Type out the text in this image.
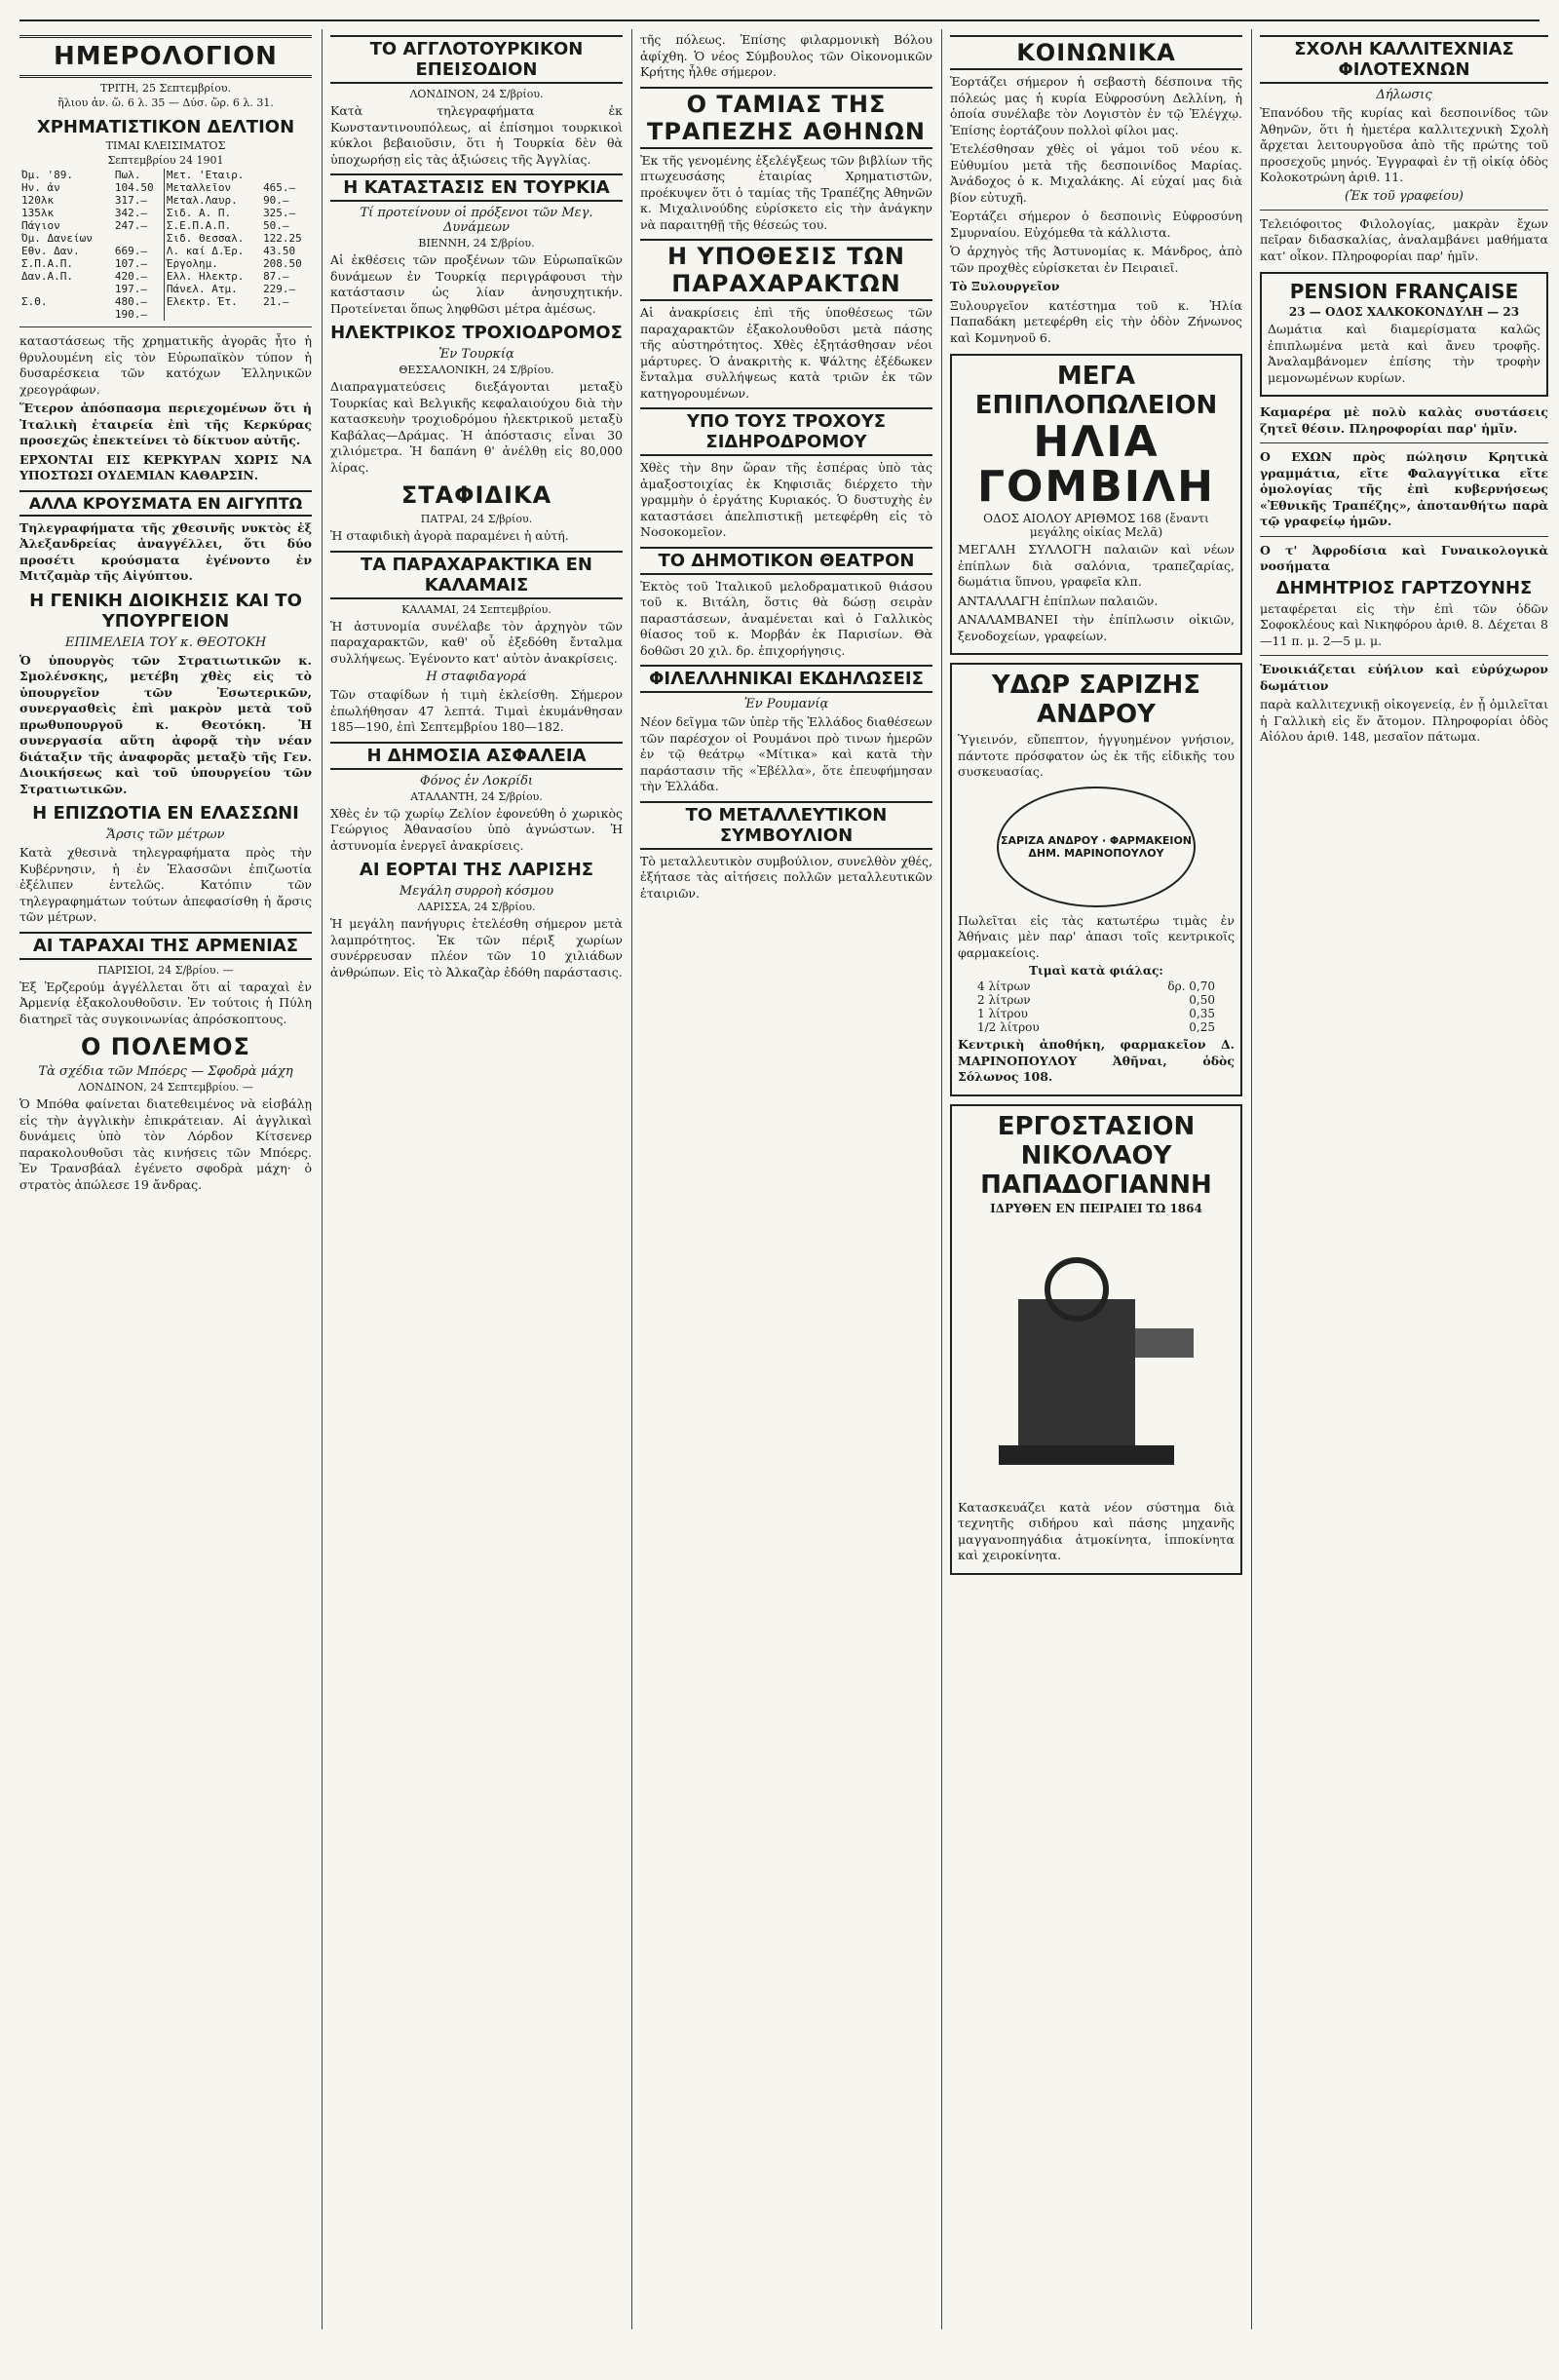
ΗΜΕΡΟΛΟΓΙΟΝ
ΤΡΙΤΗ, 25 Σεπτεμβρίου.
ἥλιου ἀν. ὥ. 6 λ. 35 — Δύσ. ὥρ. 6 λ. 31.
ΧΡΗΜΑΤΙΣΤΙΚΟΝ ΔΕΛΤΙΟΝ
ΤΙΜΑΙ ΚΛΕΙΣΙΜΑΤΟΣ
Σεπτεμβρίου 24 1901
Όμ. '89.		Πωλ.	Μετ. 'Εταιρ.	
Ην. ἀν		104.50	Μεταλλεῖον	465.—
120λκ		317.—	Μεταλ.Λαυρ.	90.—
135λκ		342.—	Σιδ. Α. Π.	325.—
Πάγιον		247.—	Σ.Ε.Π.Α.Π.	50.—
Όμ. Δανείων			Σιδ. Θεσσαλ.	122.25
Εθν. Δαν.		669.—	Λ. καί Δ.Έρ.	43.50
Σ.Π.Α.Π.		107.—	Έργολημ.	208.50
Δαν.Α.Π.		420.—	Ελλ. Ηλεκτρ.	87.—
		197.—	Πάνελ. Ατμ.	229.—
Σ.Θ.		480.—	Ελεκτρ. Έτ.	21.—
		190.—		

καταστάσεως τῆς χρηματικῆς ἀγορᾶς ἦτο ἡ θρυλουμένη εἰς τὸν Εὐρωπαϊκὸν τύπον ἡ δυσαρέσκεια τῶν κατόχων Ἑλληνικῶν χρεογράφων.

Ἕτερον ἀπόσπασμα περιεχομένων ὅτι ἡ Ἰταλικὴ ἑταιρεία ἐπὶ τῆς Κερκύρας προσεχῶς ἐπεκτείνει τὸ δίκτυον αὐτῆς.

ΕΡΧΟΝΤΑΙ ΕΙΣ ΚΕΡΚΥΡΑΝ ΧΩΡΙΣ ΝΑ ΥΠΟΣΤΩΣΙ ΟΥΔΕΜΙΑΝ ΚΑΘΑΡΣΙΝ.

ΑΛΛΑ ΚΡΟΥΣΜΑΤΑ ΕΝ ΑΙΓΥΠΤΩ

Τηλεγραφήματα τῆς χθεσινῆς νυκτὸς ἐξ Ἀλεξανδρείας ἀναγγέλλει, ὅτι δύο προσέτι κρούσματα ἐγένοντο ἐν Μιτζαμὰρ τῆς Αἰγύπτου.

Η ΓΕΝΙΚΗ ΔΙΟΙΚΗΣΙΣ ΚΑΙ ΤΟ ΥΠΟΥΡΓΕΙΟΝ
ΕΠΙΜΕΛΕΙΑ ΤΟΥ κ. ΘΕΟΤΟΚΗ

Ὁ ὑπουργὸς τῶν Στρατιωτικῶν κ. Σμολένσκης, μετέβη χθὲς εἰς τὸ ὑπουργεῖον τῶν Ἐσωτερικῶν, συνεργασθεὶς ἐπὶ μακρὸν μετὰ τοῦ πρωθυπουργοῦ κ. Θεοτόκη. Ἡ συνεργασία αὕτη ἀφορᾷ τὴν νέαν διάταξιν τῆς ἀναφορᾶς μεταξὺ τῆς Γεν. Διοικήσεως καὶ τοῦ ὑπουργείου τῶν Στρατιωτικῶν.

Η ΕΠΙΖΩΟΤΙΑ ΕΝ ΕΛΑΣΣΩΝΙ
Ἄρσις τῶν μέτρων

Κατὰ χθεσινὰ τηλεγραφήματα πρὸς τὴν Κυβέρνησιν, ἡ ἐν Ἐλασσῶνι ἐπιζωοτία ἐξέλιπεν ἐντελῶς. Κατόπιν τῶν τηλεγραφημάτων τούτων ἀπεφασίσθη ἡ ἄρσις τῶν μέτρων.

ΑΙ ΤΑΡΑΧΑΙ ΤΗΣ ΑΡΜΕΝΙΑΣ
ΠΑΡΙΣΙΟΙ, 24 Σ/βρίου. —

Ἐξ Ἐρζερούμ ἀγγέλλεται ὅτι αἱ ταραχαὶ ἐν Ἀρμενίᾳ ἐξακολουθοῦσιν. Ἐν τούτοις ἡ Πύλη διατηρεῖ τὰς συγκοινωνίας ἀπρόσκοπτους.

Ο ΠΟΛΕΜΟΣ
Τὰ σχέδια τῶν Μπόερς — Σφοδρὰ μάχη
ΛΟΝΔΙΝΟΝ, 24 Σεπτεμβρίου. —

Ὁ Μπόθα φαίνεται διατεθειμένος νὰ εἰσβάλῃ εἰς τὴν ἀγγλικὴν ἐπικράτειαν. Αἱ ἀγγλικαὶ δυνάμεις ὑπὸ τὸν Λόρδον Κίτσενερ παρακολουθοῦσι τὰς κινήσεις τῶν Μπόερς. Ἐν Τρανσβάαλ ἐγένετο σφοδρὰ μάχη· ὁ στρατὸς ἀπώλεσε 19 ἄνδρας.

ΤΟ ΑΓΓΛΟΤΟΥΡΚΙΚΟΝ ΕΠΕΙΣΟΔΙΟΝ
ΛΟΝΔΙΝΟΝ, 24 Σ/βρίου.

Κατὰ τηλεγραφήματα ἐκ Κωνσταντινουπόλεως, αἱ ἐπίσημοι τουρκικοὶ κύκλοι βεβαιοῦσιν, ὅτι ἡ Τουρκία δὲν θὰ ὑποχωρήσῃ εἰς τὰς ἀξιώσεις τῆς Ἀγγλίας.

Η ΚΑΤΑΣΤΑΣΙΣ ΕΝ ΤΟΥΡΚΙΑ
Τί προτείνουν οἱ πρόξενοι τῶν Μεγ. Δυνάμεων
ΒΙΕΝΝΗ, 24 Σ/βρίου.

Αἱ ἐκθέσεις τῶν προξένων τῶν Εὐρωπαϊκῶν δυνάμεων ἐν Τουρκίᾳ περιγράφουσι τὴν κατάστασιν ὡς λίαν ἀνησυχητικήν. Προτείνεται ὅπως ληφθῶσι μέτρα ἀμέσως.

ΗΛΕΚΤΡΙΚΟΣ ΤΡΟΧΙΟΔΡΟΜΟΣ
Ἐν Τουρκίᾳ
ΘΕΣΣΑΛΟΝΙΚΗ, 24 Σ/βρίου.

Διαπραγματεύσεις διεξάγονται μεταξὺ Τουρκίας καὶ Βελγικῆς κεφαλαιούχου διὰ τὴν κατασκευὴν τροχιοδρόμου ἠλεκτρικοῦ μεταξὺ Καβάλας—Δράμας. Ἡ ἀπόστασις εἶναι 30 χιλιόμετρα. Ἡ δαπάνη θ' ἀνέλθῃ εἰς 80,000 λίρας.

ΣΤΑΦΙΔΙΚΑ
ΠΑΤΡΑΙ, 24 Σ/βρίου.

Ἡ σταφιδικὴ ἀγορὰ παραμένει ἡ αὐτή.

ΤΑ ΠΑΡΑΧΑΡΑΚΤΙΚΑ ΕΝ ΚΑΛΑΜΑΙΣ
ΚΑΛΑΜΑΙ, 24 Σεπτεμβρίου.

Ἡ ἀστυνομία συνέλαβε τὸν ἀρχηγὸν τῶν παραχαρακτῶν, καθ' οὗ ἐξεδόθη ἔνταλμα συλλήψεως. Ἐγένοντο κατ' αὐτὸν ἀνακρίσεις.

Η σταφιδαγορά

Τῶν σταφίδων ἡ τιμὴ ἐκλείσθη. Σήμερον ἐπωλήθησαν 47 λεπτά. Τιμαὶ ἐκυμάνθησαν 185—190, ἐπὶ Σεπτεμβρίου 180—182.

Η ΔΗΜΟΣΙΑ ΑΣΦΑΛΕΙΑ
Φόνος ἐν Λοκρίδι
ΑΤΑΛΑΝΤΗ, 24 Σ/βρίου.

Χθὲς ἐν τῷ χωρίῳ Ζελίον ἐφονεύθη ὁ χωρικὸς Γεώργιος Ἀθανασίου ὑπὸ ἀγνώστων. Ἡ ἀστυνομία ἐνεργεῖ ἀνακρίσεις.

ΑΙ ΕΟΡΤΑΙ ΤΗΣ ΛΑΡΙΣΗΣ
Μεγάλη συρροὴ κόσμου
ΛΑΡΙΣΣΑ, 24 Σ/βρίου.

Ἡ μεγάλη πανήγυρις ἐτελέσθη σήμερον μετὰ λαμπρότητος. Ἐκ τῶν πέριξ χωρίων συνέρρευσαν πλέον τῶν 10 χιλιάδων ἀνθρώπων. Εἰς τὸ Ἀλκαζὰρ ἐδόθη παράστασις.

τῆς πόλεως. Ἐπίσης φιλαρμονικὴ Βόλου ἀφίχθη. Ὁ νέος Σύμβουλος τῶν Οἰκονομικῶν Κρήτης ἦλθε σήμερον.

Ο ΤΑΜΙΑΣ ΤΗΣ ΤΡΑΠΕΖΗΣ ΑΘΗΝΩΝ

Ἐκ τῆς γενομένης ἐξελέγξεως τῶν βιβλίων τῆς πτωχευσάσης ἑταιρίας Χρηματιστῶν, προέκυψεν ὅτι ὁ ταμίας τῆς Τραπέζης Ἀθηνῶν κ. Μιχαλινούδης εὐρίσκετο εἰς τὴν ἀνάγκην νὰ παραιτηθῇ τῆς θέσεώς του.

Η ΥΠΟΘΕΣΙΣ ΤΩΝ ΠΑΡΑΧΑΡΑΚΤΩΝ

Αἱ ἀνακρίσεις ἐπὶ τῆς ὑποθέσεως τῶν παραχαρακτῶν ἐξακολουθοῦσι μετὰ πάσης τῆς αὐστηρότητος. Χθὲς ἐξητάσθησαν νέοι μάρτυρες. Ὁ ἀνακριτὴς κ. Ψάλτης ἐξέδωκεν ἔνταλμα συλλήψεως κατὰ τριῶν ἐκ τῶν κατηγορουμένων.

ΥΠΟ ΤΟΥΣ ΤΡΟΧΟΥΣ ΣΙΔΗΡΟΔΡΟΜΟΥ

Χθὲς τὴν 8ην ὥραν τῆς ἑσπέρας ὑπὸ τὰς ἁμαξοστοιχίας ἐκ Κηφισιᾶς διέρχετο τὴν γραμμὴν ὁ ἐργάτης Κυριακός. Ὁ δυστυχὴς ἐν καταστάσει ἀπελπιστικῇ μετεφέρθη εἰς τὸ Νοσοκομεῖον.

ΤΟ ΔΗΜΟΤΙΚΟΝ ΘΕΑΤΡΟΝ

Ἐκτὸς τοῦ Ἰταλικοῦ μελοδραματικοῦ θιάσου τοῦ κ. Βιτάλη, ὅστις θὰ δώσῃ σειρὰν παραστάσεων, ἀναμένεται καὶ ὁ Γαλλικὸς θίασος τοῦ κ. Μορβάν ἐκ Παρισίων. Θὰ δοθῶσι 20 χιλ. δρ. ἐπιχορήγησις.

ΦΙΛΕΛΛΗΝΙΚΑΙ ΕΚΔΗΛΩΣΕΙΣ
Ἐν Ρουμανίᾳ

Νέον δεῖγμα τῶν ὑπὲρ τῆς Ἑλλάδος διαθέσεων τῶν παρέσχον οἱ Ρουμάνοι πρὸ τινων ἡμερῶν ἐν τῷ θεάτρῳ «Μίτικα» καὶ κατὰ τὴν παράστασιν τῆς «Ἐβέλλα», ὅτε ἐπευφήμησαν τὴν Ἑλλάδα.

ΤΟ ΜΕΤΑΛΛΕΥΤΙΚΟΝ ΣΥΜΒΟΥΛΙΟΝ

Τὸ μεταλλευτικὸν συμβούλιον, συνελθὸν χθές, ἐξήτασε τὰς αἰτήσεις πολλῶν μεταλλευτικῶν ἐταιριῶν.

ΚΟΙΝΩΝΙΚΑ

Ἑορτάζει σήμερον ἡ σεβαστὴ δέσποινα τῆς πόλεώς μας ἡ κυρία Εὐφροσύνη Δελλίνη, ἡ ὁποία συνέλαβε τὸν Λογιστὸν ἐν τῷ Ἐλέγχῳ. Ἐπίσης ἑορτάζουν πολλοὶ φίλοι μας.

Ἐτελέσθησαν χθὲς οἱ γάμοι τοῦ νέου κ. Εὐθυμίου μετὰ τῆς δεσποινίδος Μαρίας. Ἀνάδοχος ὁ κ. Μιχαλάκης. Αἱ εὐχαί μας διὰ βίον εὐτυχῆ.

Ἑορτάζει σήμερον ὁ δεσποινὶς Εὐφροσύνη Σμυρναίου. Εὐχόμεθα τὰ κάλλιστα.

Ὁ ἀρχηγὸς τῆς Ἀστυνομίας κ. Μάνδρος, ἀπὸ τῶν προχθὲς εὐρίσκεται ἐν Πειραιεῖ.

Τὸ Ξυλουργεῖον

Ξυλουργεῖον κατέστημα τοῦ κ. Ἠλία Παπαδάκη μετεφέρθη εἰς τὴν ὁδὸν Ζήνωνος καὶ Κομνηνοῦ 6.

ΜΕΓΑ ΕΠΙΠΛΟΠΩΛΕΙΟΝ
ΗΛΙΑ ΓΟΜΒΙΛΗ
ΟΔΟΣ ΑΙΟΛΟΥ ΑΡΙΘΜΟΣ 168 (ἔναντι μεγάλης οἰκίας Μελᾶ)

ΜΕΓΑΛΗ ΣΥΛΛΟΓΗ παλαιῶν καὶ νέων ἐπίπλων διὰ σαλόνια, τραπεζαρίας, δωμάτια ὕπνου, γραφεῖα κλπ.

ΑΝΤΑΛΛΑΓΗ ἐπίπλων παλαιῶν.

ΑΝΑΛΑΜΒΑΝΕΙ τὴν ἐπίπλωσιν οἰκιῶν, ξενοδοχείων, γραφείων.

ΥΔΩΡ ΣΑΡΙΖΗΣ ΑΝΔΡΟΥ

Ὑγιεινόν, εὔπεπτον, ἡγγυημένον γνήσιον, πάντοτε πρόσφατον ὡς ἐκ τῆς εἰδικῆς του συσκευασίας.

ΣΑΡΙΖΑ ΑΝΔΡΟΥ · ΦΑΡΜΑΚΕΙΟΝ ΔΗΜ. ΜΑΡΙΝΟΠΟΥΛΟΥ

Πωλεῖται εἰς τὰς κατωτέρω τιμὰς ἐν Ἀθήναις μὲν παρ' ἁπασι τοῖς κεντρικοῖς φαρμακείοις.

Τιμαὶ κατὰ φιάλας:
4 λίτρων	δρ. 0,70
2 λίτρων	0,50
1 λίτρου	0,35
1/2 λίτρου	0,25

Κεντρικὴ ἀποθήκη, φαρμακεῖον Δ. ΜΑΡΙΝΟΠΟΥΛΟΥ Ἀθῆναι, ὁδὸς Σόλωνος 108.

ΕΡΓΟΣΤΑΣΙΟΝ
ΝΙΚΟΛΑΟΥ ΠΑΠΑΔΟΓΙΑΝΝΗ
ΙΔΡΥΘΕΝ ΕΝ ΠΕΙΡΑΙΕΙ ΤΩ 1864

Κατασκευάζει κατὰ νέον σύστημα διὰ τεχνητῆς σιδήρου καὶ πάσης μηχανῆς μαγγανοπηγάδια ἀτμοκίνητα, ἱπποκίνητα καὶ χειροκίνητα.

ΣΧΟΛΗ ΚΑΛΛΙΤΕΧΝΙΑΣ ΦΙΛΟΤΕΧΝΩΝ
Δήλωσις

Ἐπανόδου τῆς κυρίας καὶ δεσποινίδος τῶν Ἀθηνῶν, ὅτι ἡ ἡμετέρα καλλιτεχνικὴ Σχολὴ ἄρχεται λειτουργοῦσα ἀπὸ τῆς πρώτης τοῦ προσεχοῦς μηνός. Ἐγγραφαὶ ἐν τῇ οἰκίᾳ ὁδὸς Κολοκοτρώνη ἀριθ. 11.

(Ἐκ τοῦ γραφείου)

Τελειόφοιτος Φιλολογίας, μακρὰν ἔχων πεῖραν διδασκαλίας, ἀναλαμβάνει μαθήματα κατ' οἶκον. Πληροφορίαι παρ' ἡμῖν.

PENSION FRANÇAISE
23 — ΟΔΟΣ ΧΑΛΚΟΚΟΝΔΥΛΗ — 23

Δωμάτια καὶ διαμερίσματα καλῶς ἐπιπλωμένα μετὰ καὶ ἄνευ τροφῆς. Ἀναλαμβάνομεν ἐπίσης τὴν τροφὴν μεμονωμένων κυρίων.

Καμαρέρα μὲ πολὺ καλὰς συστάσεις ζητεῖ θέσιν. Πληροφορίαι παρ' ἡμῖν.

Ο ΕΧΩΝ πρὸς πώλησιν Κρητικὰ γραμμάτια, εἴτε Φαλαγγίτικα εἴτε ὁμολογίας τῆς ἐπὶ κυβερνήσεως «Ἐθνικῆς Τραπέζης», ἀποτανθήτω παρὰ τῷ γραφείῳ ἡμῶν.

Ο τ' Ἀφροδίσια καὶ Γυναικολογικὰ νοσήματα

ΔΗΜΗΤΡΙΟΣ ΓΑΡΤΖΟΥΝΗΣ

μεταφέρεται εἰς τὴν ἐπὶ τῶν ὁδῶν Σοφοκλέους καὶ Νικηφόρου ἀριθ. 8. Δέχεται 8—11 π. μ. 2—5 μ. μ.

Ἐνοικιάζεται εὐήλιον καὶ εὐρύχωρον δωμάτιον

παρὰ καλλιτεχνικῇ οἰκογενείᾳ, ἐν ᾗ ὁμιλεῖται ἡ Γαλλικὴ εἰς ἕν ἄτομον. Πληροφορίαι ὁδὸς Αἰόλου ἀριθ. 148, μεσαῖον πάτωμα.
